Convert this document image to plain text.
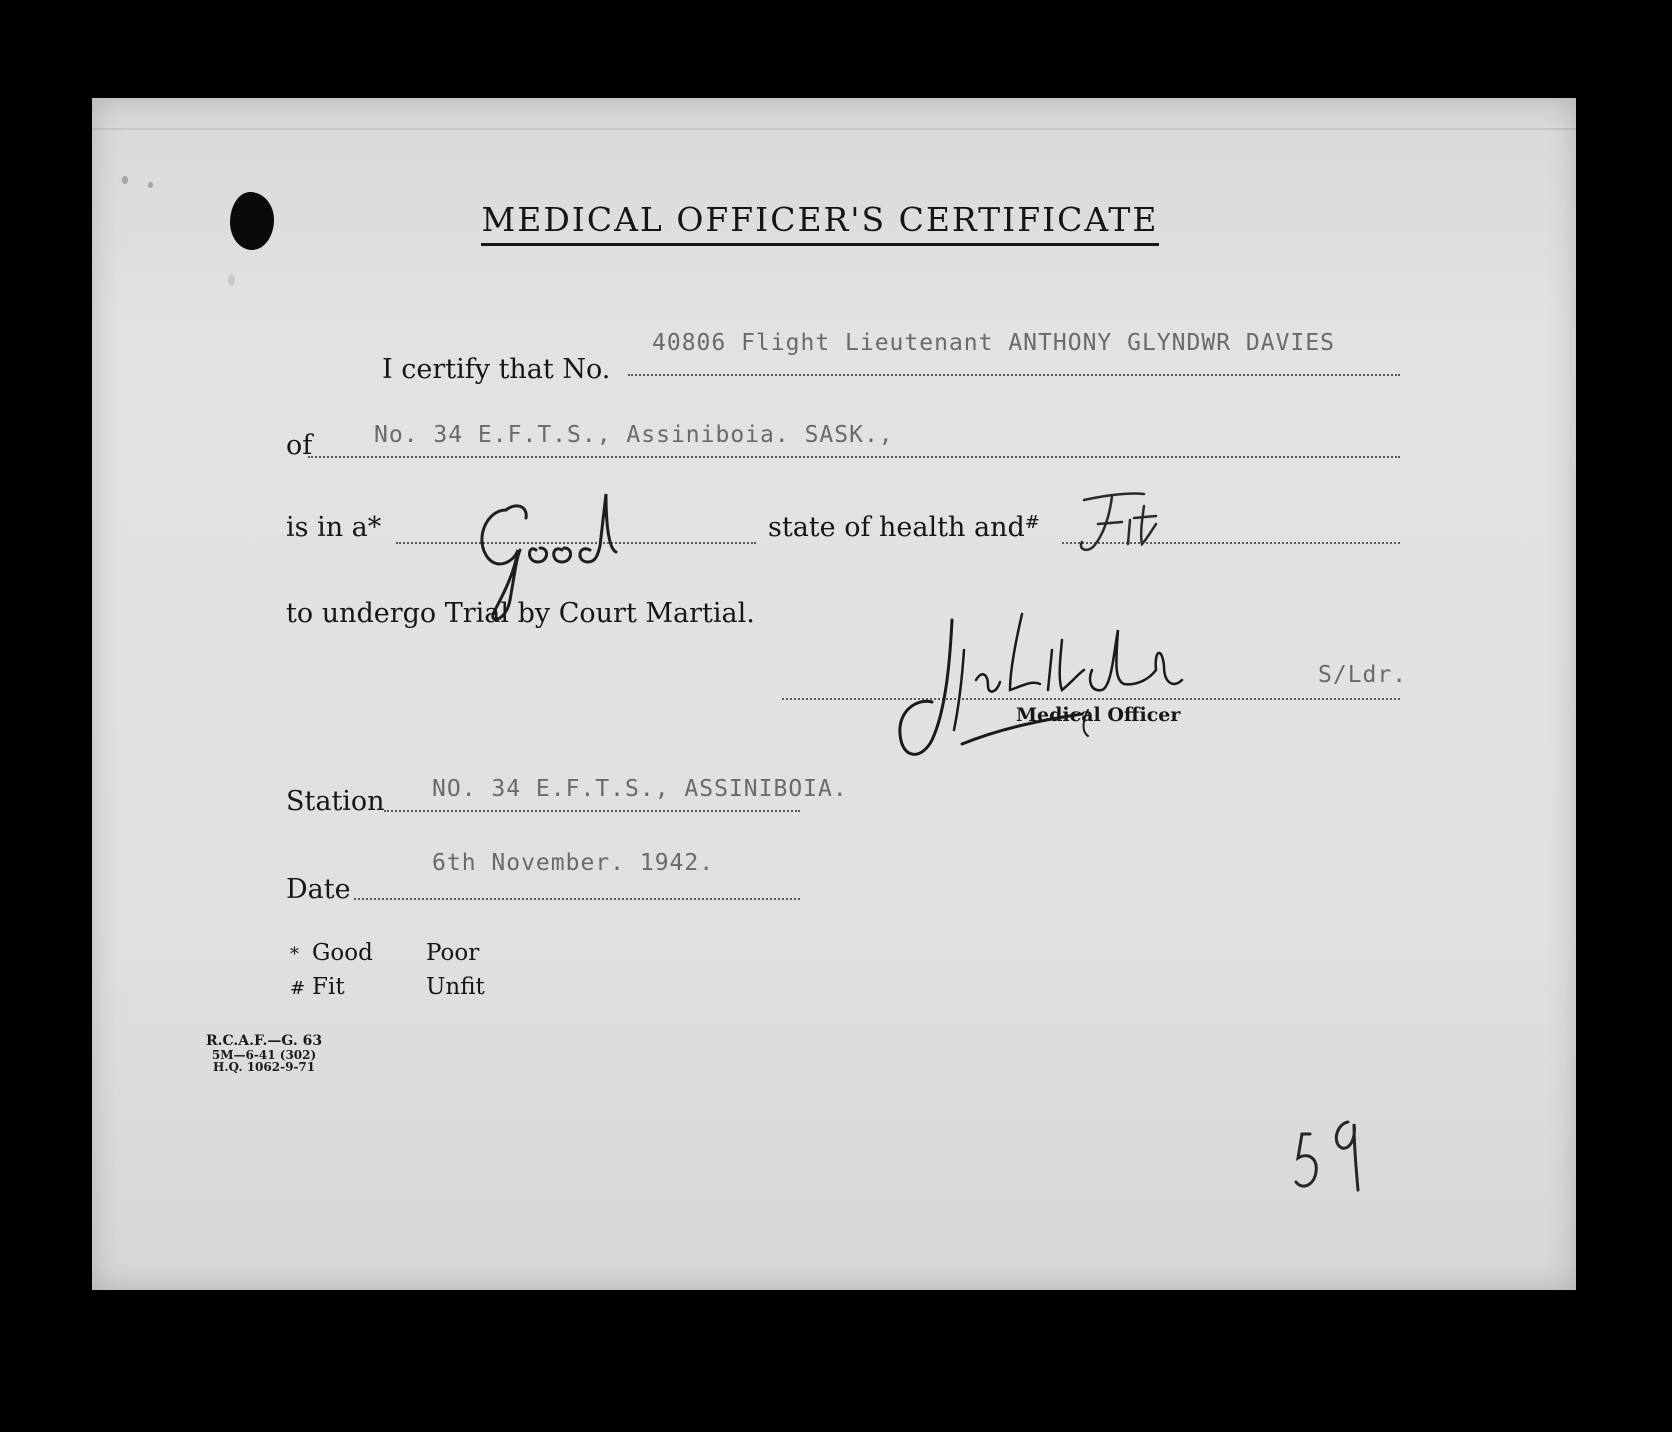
MEDICAL OFFICER'S CERTIFICATE
I certify that No.
40806 Flight Lieutenant ANTHONY GLYNDWR DAVIES
of	No. 34 E.F.T.S., Assiniboia. SASK.,
is in a*	state of health and#
to undergo Trial by Court Martial.
S/Ldr.
Medical Officer
Station NO. 34 E.F.T.S., ASSINIBOIA.
Date
6th November. 1942.
* Good Poor
# Fit	Unfit
R.C.A.F.—G. 63
5M—6-41 (302)
H.Q. 1062-9-71
